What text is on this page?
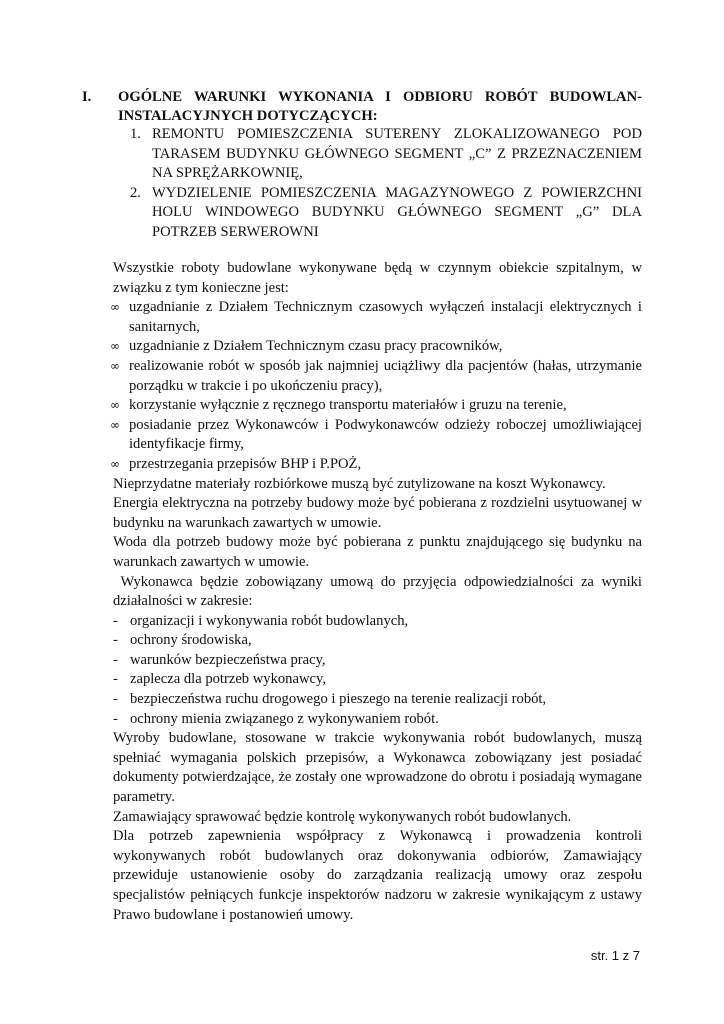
I. OGÓLNE WARUNKI WYKONANIA I ODBIORU ROBÓT BUDOWLAN-INSTALACYJNYCH DOTYCZĄCYCH:
1. REMONTU POMIESZCZENIA SUTERENY ZLOKALIZOWANEGO POD TARASEM BUDYNKU GŁÓWNEGO SEGMENT „C” Z PRZEZNACZENIEM NA SPRĘŻARKOWNIĘ,
2. WYDZIELENIE POMIESZCZENIA MAGAZYNOWEGO Z POWIERZCHNI HOLU WINDOWEGO BUDYNKU GŁÓWNEGO SEGMENT „G” DLA POTRZEB SERWEROWNI

Wszystkie roboty budowlane wykonywane będą w czynnym obiekcie szpitalnym, w związku z tym konieczne jest:

∞ uzgadnianie z Działem Technicznym czasowych wyłączeń instalacji elektrycznych i sanitarnych,
∞ uzgadnianie z Działem Technicznym czasu pracy pracowników,
∞ realizowanie robót w sposób jak najmniej uciążliwy dla pacjentów (hałas, utrzymanie porządku w trakcie i po ukończeniu pracy),
∞ korzystanie wyłącznie z ręcznego transportu materiałów i gruzu na terenie,
∞ posiadanie przez Wykonawców i Podwykonawców odzieży roboczej umożliwiającej identyfikacje firmy,
∞ przestrzegania przepisów BHP i P.POŻ,

Nieprzydatne materiały rozbiórkowe muszą być zutylizowane na koszt Wykonawcy.

Energia elektryczna na potrzeby budowy może być pobierana z rozdzielni usytuowanej w budynku na warunkach zawartych w umowie.

Woda dla potrzeb budowy może być pobierana z punktu znajdującego się budynku na warunkach zawartych w umowie.

Wykonawca będzie zobowiązany umową do przyjęcia odpowiedzialności za wyniki działalności w zakresie:

- organizacji i wykonywania robót budowlanych,
- ochrony środowiska,
- warunków bezpieczeństwa pracy,
- zaplecza dla potrzeb wykonawcy,
- bezpieczeństwa ruchu drogowego i pieszego na terenie realizacji robót,
- ochrony mienia związanego z wykonywaniem robót.

Wyroby budowlane, stosowane w trakcie wykonywania robót budowlanych, muszą spełniać wymagania polskich przepisów, a Wykonawca zobowiązany jest posiadać dokumenty potwierdzające, że zostały one wprowadzone do obrotu i posiadają wymagane parametry.

Zamawiający sprawować będzie kontrolę wykonywanych robót budowlanych.

Dla potrzeb zapewnienia współpracy z Wykonawcą i prowadzenia kontroli wykonywanych robót budowlanych oraz dokonywania odbiorów, Zamawiający przewiduje ustanowienie osoby do zarządzania realizacją umowy oraz zespołu specjalistów pełniących funkcje inspektorów nadzoru w zakresie wynikającym z ustawy Prawo budowlane i postanowień umowy.

str. 1 z 7
